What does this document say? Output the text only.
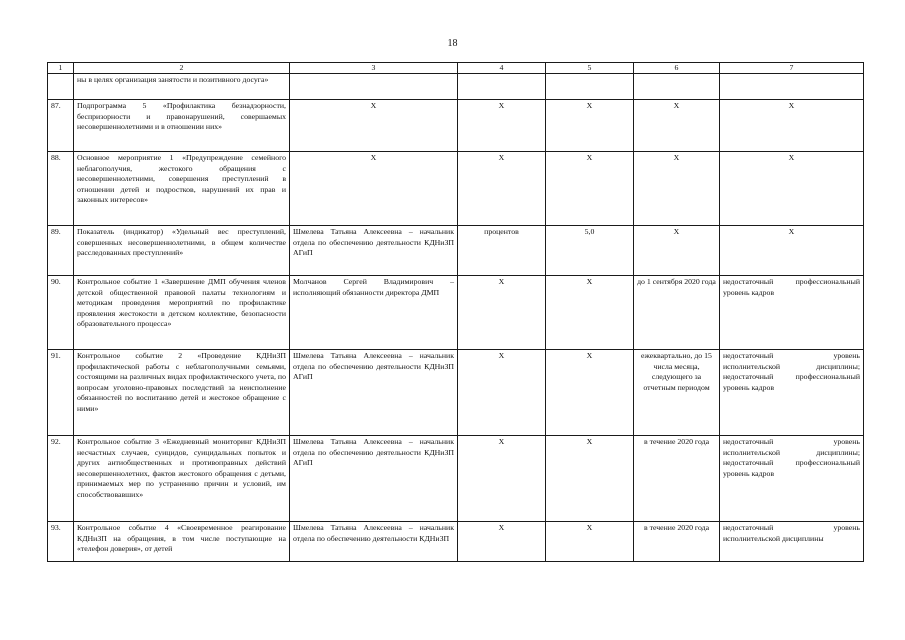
18
1	2	3	4	5	6	7
	ны в целях организация занятости и позитивного досуга»					
87.	Подпрограмма 5 «Профилактика безнадзорности, беспризорности и правонарушений, совершаемых несовершеннолетними и в отношении них»	Х	Х	Х	Х	Х
88.	Основное мероприятие 1 «Предупреждение семейного неблагополучия, жестокого обращения с несовершеннолетними, совершения преступлений в отношении детей и подростков, нарушений их прав и законных интересов»	Х	Х	Х	Х	Х
89.	Показатель (индикатор) «Удельный вес преступлений, совершенных несовершеннолетними, в общем количестве расследованных преступлений»	Шмелева Татьяна Алексеевна – начальник отдела по обеспечению деятельности КДНиЗП АГиП	процентов	5,0	Х	Х
90.	Контрольное событие 1 «Завершение ДМП обучения членов детской общественной правовой палаты технологиям и методикам проведения мероприятий по профилактике проявления жестокости в детском коллективе, безопасности образовательного процесса»	Молчанов Сергей Владимирович – исполняющий обязанности директора ДМП	Х	Х	до 1 сентября 2020 года	недостаточный профессиональный уровень кадров
91.	Контрольное событие 2 «Проведение КДНиЗП профилактической работы с неблагополучными семьями, состоящими на различных видах профилактического учета, по вопросам уголовно-правовых последствий за неисполнение обязанностей по воспитанию детей и жестокое обращение с ними»	Шмелева Татьяна Алексеевна – начальник отдела по обеспечению деятельности КДНиЗП АГиП	Х	Х	ежеквартально, до 15 числа месяца, следующего за отчетным периодом	недостаточный уровень исполнительской дисциплины; недостаточный профессиональный уровень кадров
92.	Контрольное событие 3 «Ежедневный мониторинг КДНиЗП несчастных случаев, суицидов, суицидальных попыток и других антиобщественных и противоправных действий несовершеннолетних, фактов жестокого обращения с детьми, принимаемых мер по устранению причин и условий, им способствовавших»	Шмелева Татьяна Алексеевна – начальник отдела по обеспечению деятельности КДНиЗП АГиП	Х	Х	в течение 2020 года	недостаточный уровень исполнительской дисциплины; недостаточный профессиональный уровень кадров
93.	Контрольное событие 4 «Своевременное реагирование КДНиЗП на обращения, в том числе поступающие на «телефон доверия», от детей	Шмелева Татьяна Алексеевна – начальник отдела по обеспечению деятельности КДНиЗП	Х	Х	в течение 2020 года	недостаточный уровень исполнительской дисциплины
